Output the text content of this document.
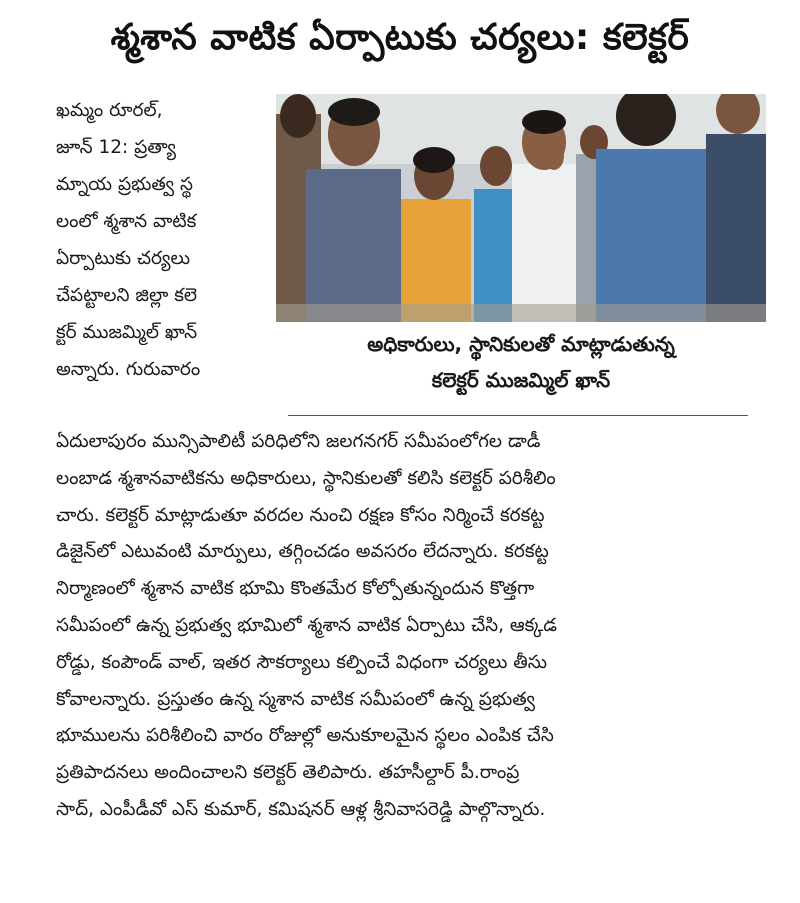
శ్మశాన వాటిక ఏర్పాటుకు చర్యలు: కలెక్టర్
ఖమ్మం రూరల్,
జూన్ 12: ప్రత్యా
మ్నాయ ప్రభుత్వ స్థ
లంలో శ్మశాన వాటిక
ఏర్పాటుకు చర్యలు
చేపట్టాలని జిల్లా కలె
క్టర్ ముజమ్మిల్ ఖాన్
అన్నారు. గురువారం
అధికారులు, స్థానికులతో మాట్లాడుతున్న
కలెక్టర్ ముజమ్మిల్ ఖాన్
ఏదులాపురం మున్సిపాలిటీ పరిధిలోని జలగనగర్ సమీపంలోగల డాడీ
లంబాడ శ్మశానవాటికను అధికారులు, స్థానికులతో కలిసి కలెక్టర్ పరిశీలిం
చారు. కలెక్టర్ మాట్లాడుతూ వరదల నుంచి రక్షణ కోసం నిర్మించే కరకట్ట
డిజైన్‌లో ఎటువంటి మార్పులు, తగ్గించడం అవసరం లేదన్నారు. కరకట్ట
నిర్మాణంలో శ్మశాన వాటిక భూమి కొంతమేర కోల్పోతున్నందున కొత్తగా
సమీపంలో ఉన్న ప్రభుత్వ భూమిలో శ్మశాన వాటిక ఏర్పాటు చేసి, ఆక్కడ
రోడ్డు, కంపౌండ్ వాల్, ఇతర సౌకర్యాలు కల్పించే విధంగా చర్యలు తీసు
కోవాలన్నారు. ప్రస్తుతం ఉన్న స్మశాన వాటిక సమీపంలో ఉన్న ప్రభుత్వ
భూములను పరిశీలించి వారం రోజుల్లో అనుకూలమైన స్థలం ఎంపిక చేసి
ప్రతిపాదనలు అందించాలని కలెక్టర్ తెలిపారు. తహసీల్దార్ పీ.రాంప్ర
సాద్, ఎంపీడీవో ఎస్ కుమార్, కమిషనర్ ఆళ్ల శ్రీనివాసరెడ్డి పాల్గొన్నారు.
